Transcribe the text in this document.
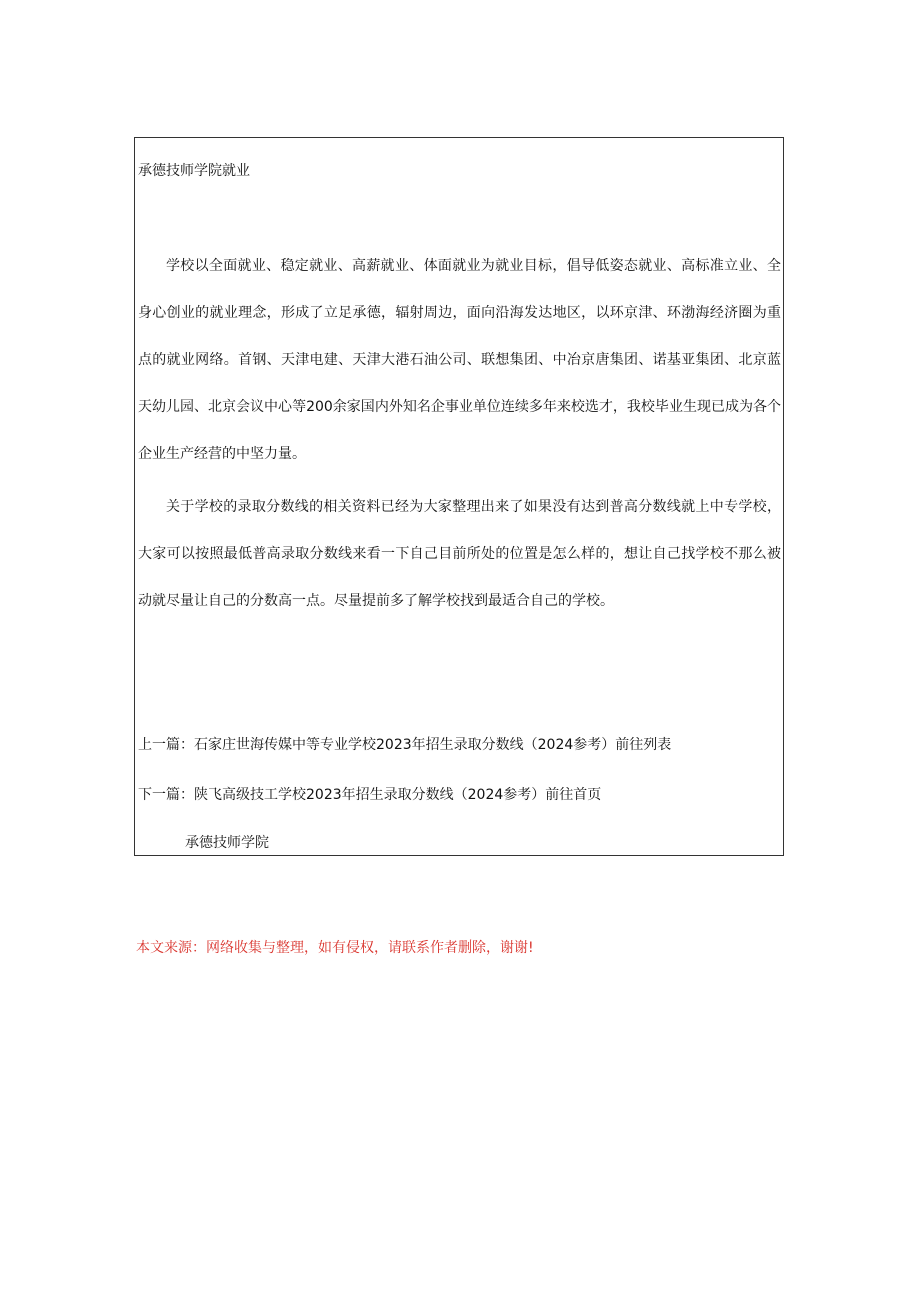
承德技师学院就业
学校以全面就业、稳定就业、高薪就业、体面就业为就业目标，倡导低姿态就业、高标准立业、全身心创业的就业理念，形成了立足承德，辐射周边，面向沿海发达地区，以环京津、环渤海经济圈为重点的就业网络。首钢、天津电建、天津大港石油公司、联想集团、中冶京唐集团、诺基亚集团、北京蓝天幼儿园、北京会议中心等200余家国内外知名企事业单位连续多年来校选才，我校毕业生现已成为各个企业生产经营的中坚力量。
关于学校的录取分数线的相关资料已经为大家整理出来了如果没有达到普高分数线就上中专学校，大家可以按照最低普高录取分数线来看一下自己目前所处的位置是怎么样的，想让自己找学校不那么被动就尽量让自己的分数高一点。尽量提前多了解学校找到最适合自己的学校。
上一篇：石家庄世海传媒中等专业学校2023年招生录取分数线（2024参考）前往列表
下一篇：陕飞高级技工学校2023年招生录取分数线（2024参考）前往首页
承德技师学院
本文来源：网络收集与整理，如有侵权，请联系作者删除，谢谢!
